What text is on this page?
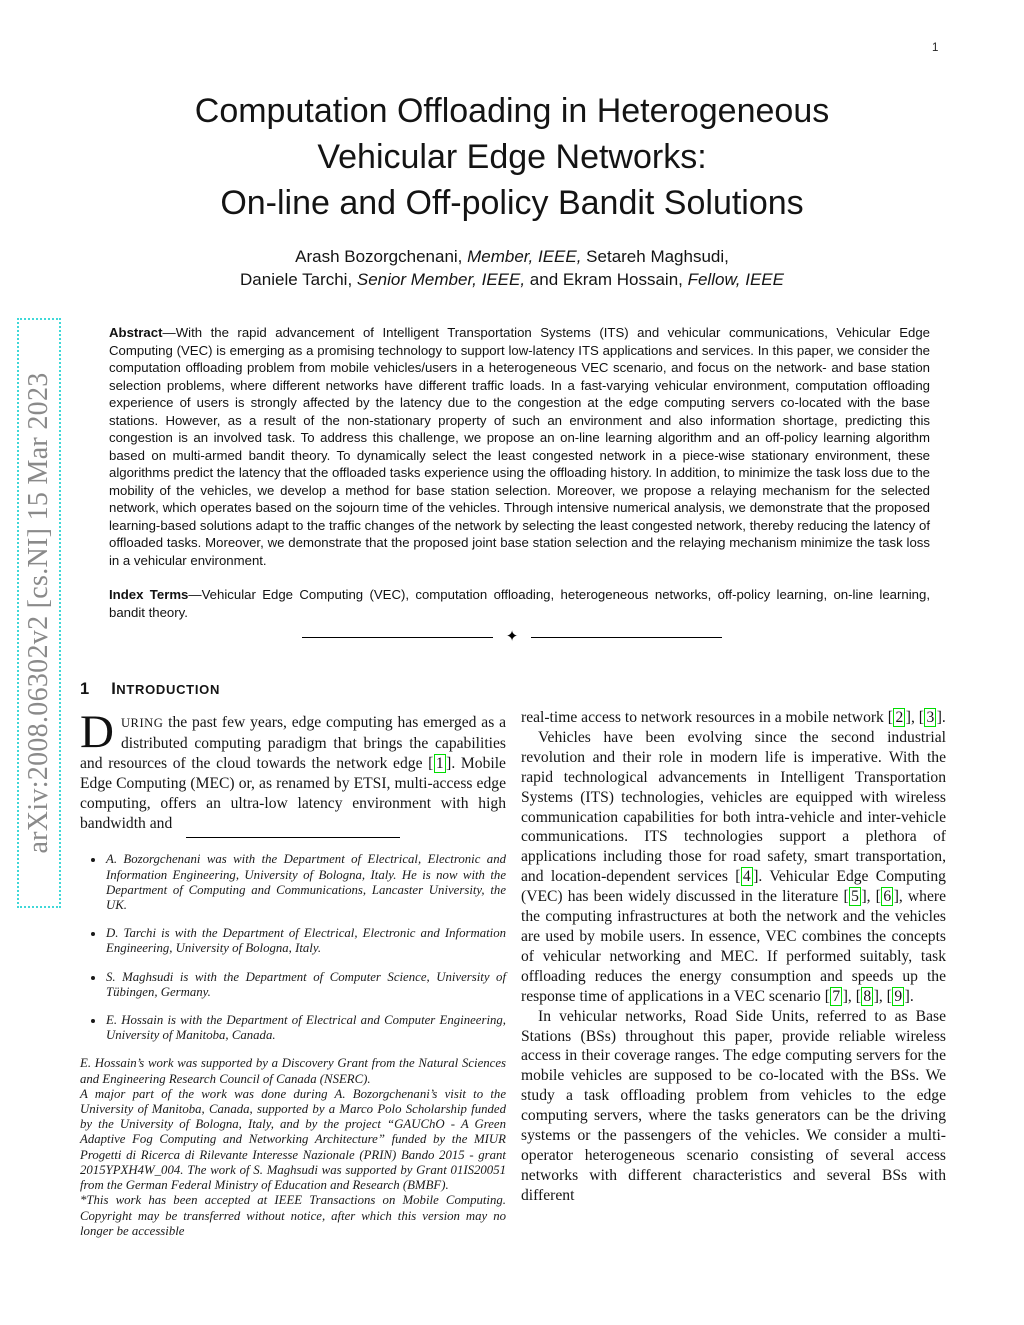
1
arXiv:2008.06302v2 [cs.NI] 15 Mar 2023
Computation Offloading in Heterogeneous
Vehicular Edge Networks:
On-line and Off-policy Bandit Solutions
Arash Bozorgchenani, Member, IEEE, Setareh Maghsudi,
Daniele Tarchi, Senior Member, IEEE, and Ekram Hossain, Fellow, IEEE
Abstract—With the rapid advancement of Intelligent Transportation Systems (ITS) and vehicular communications, Vehicular Edge Computing (VEC) is emerging as a promising technology to support low-latency ITS applications and services. In this paper, we consider the computation offloading problem from mobile vehicles/users in a heterogeneous VEC scenario, and focus on the network- and base station selection problems, where different networks have different traffic loads. In a fast-varying vehicular environment, computation offloading experience of users is strongly affected by the latency due to the congestion at the edge computing servers co-located with the base stations. However, as a result of the non-stationary property of such an environment and also information shortage, predicting this congestion is an involved task. To address this challenge, we propose an on-line learning algorithm and an off-policy learning algorithm based on multi-armed bandit theory. To dynamically select the least congested network in a piece-wise stationary environment, these algorithms predict the latency that the offloaded tasks experience using the offloading history. In addition, to minimize the task loss due to the mobility of the vehicles, we develop a method for base station selection. Moreover, we propose a relaying mechanism for the selected network, which operates based on the sojourn time of the vehicles. Through intensive numerical analysis, we demonstrate that the proposed learning-based solutions adapt to the traffic changes of the network by selecting the least congested network, thereby reducing the latency of offloaded tasks. Moreover, we demonstrate that the proposed joint base station selection and the relaying mechanism minimize the task loss in a vehicular environment.
Index Terms—Vehicular Edge Computing (VEC), computation offloading, heterogeneous networks, off-policy learning, on-line learning, bandit theory.
✦
1 INTRODUCTION

DURING the past few years, edge computing has emerged as a distributed computing paradigm that brings the capabilities and resources of the cloud towards the network edge [ 1 ]. Mobile Edge Computing (MEC) or, as renamed by ETSI, multi-access edge computing, offers an ultra-low latency environment with high bandwidth and

• A. Bozorgchenani was with the Department of Electrical, Electronic and Information Engineering, University of Bologna, Italy. He is now with the Department of Computing and Communications, Lancaster University, the UK.
• D. Tarchi is with the Department of Electrical, Electronic and Information Engineering, University of Bologna, Italy.
• S. Maghsudi is with the Department of Computer Science, University of Tübingen, Germany.
• E. Hossain is with the Department of Electrical and Computer Engineering, University of Manitoba, Canada.

E. Hossain’s work was supported by a Discovery Grant from the Natural Sciences and Engineering Research Council of Canada (NSERC).

A major part of the work was done during A. Bozorgchenani’s visit to the University of Manitoba, Canada, supported by a Marco Polo Scholarship funded by the University of Bologna, Italy, and by the project “GAUChO - A Green Adaptive Fog Computing and Networking Architecture” funded by the MIUR Progetti di Ricerca di Rilevante Interesse Nazionale (PRIN) Bando 2015 - grant 2015YPXH4W_004. The work of S. Maghsudi was supported by Grant 01IS20051 from the German Federal Ministry of Education and Research (BMBF).

*This work has been accepted at IEEE Transactions on Mobile Computing. Copyright may be transferred without notice, after which this version may no longer be accessible

real-time access to network resources in a mobile network [ 2 ], [ 3 ].

Vehicles have been evolving since the second industrial revolution and their role in modern life is imperative. With the rapid technological advancements in Intelligent Transportation Systems (ITS) technologies, vehicles are equipped with wireless communication capabilities for both intra-vehicle and inter-vehicle communications. ITS technologies support a plethora of applications including those for road safety, smart transportation, and location-dependent services [ 4 ]. Vehicular Edge Computing (VEC) has been widely discussed in the literature [ 5 ], [ 6 ], where the computing infrastructures at both the network and the vehicles are used by mobile users. In essence, VEC combines the concepts of vehicular networking and MEC. If performed suitably, task offloading reduces the energy consumption and speeds up the response time of applications in a VEC scenario [ 7 ], [ 8 ], [ 9 ].

In vehicular networks, Road Side Units, referred to as Base Stations (BSs) throughout this paper, provide reliable wireless access in their coverage ranges. The edge computing servers for the mobile vehicles are supposed to be co-located with the BSs. We study a task offloading problem from vehicles to the edge computing servers, where the tasks generators can be the driving systems or the passengers of the vehicles. We consider a multi-operator heterogeneous scenario consisting of several access networks with different characteristics and several BSs with different
